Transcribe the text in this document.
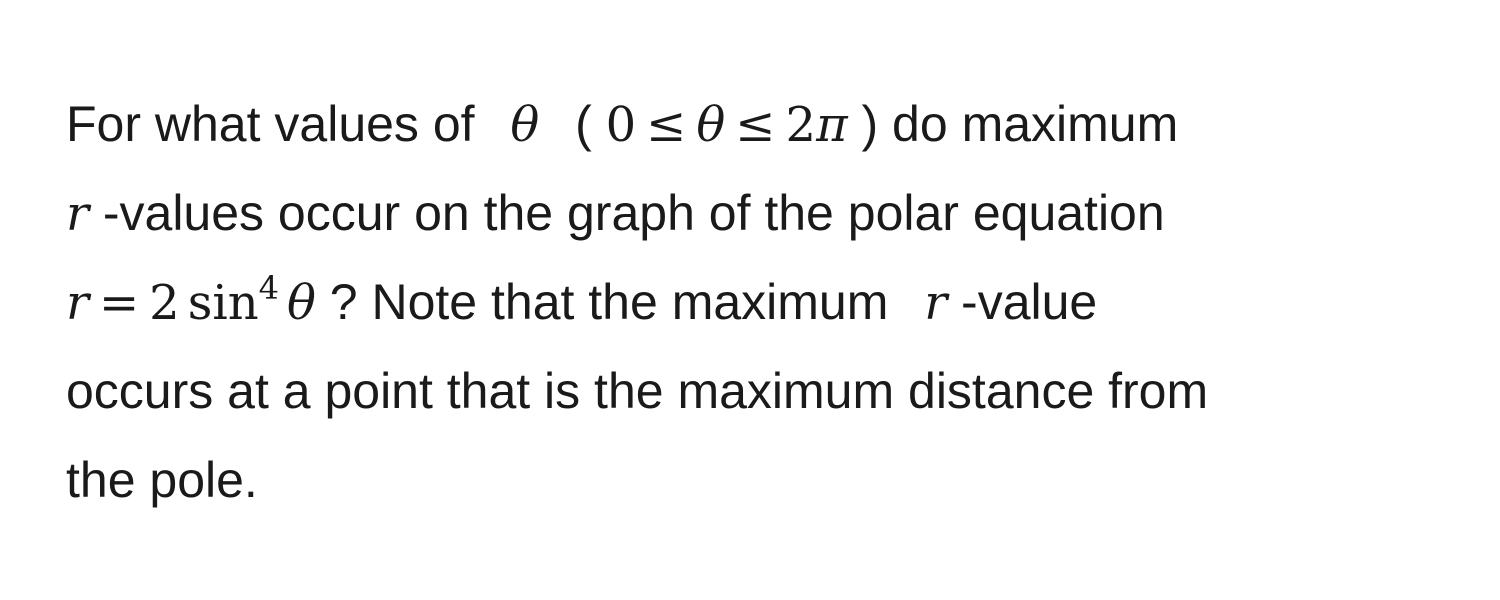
For what values of θ ( 0 ≤ θ ≤ 2π ) do maximum
r -values occur on the graph of the polar equation
r = 2 $\sin^4 \theta$ ? Note that the maximum r -value
occurs at a point that is the maximum distance from
the pole.
